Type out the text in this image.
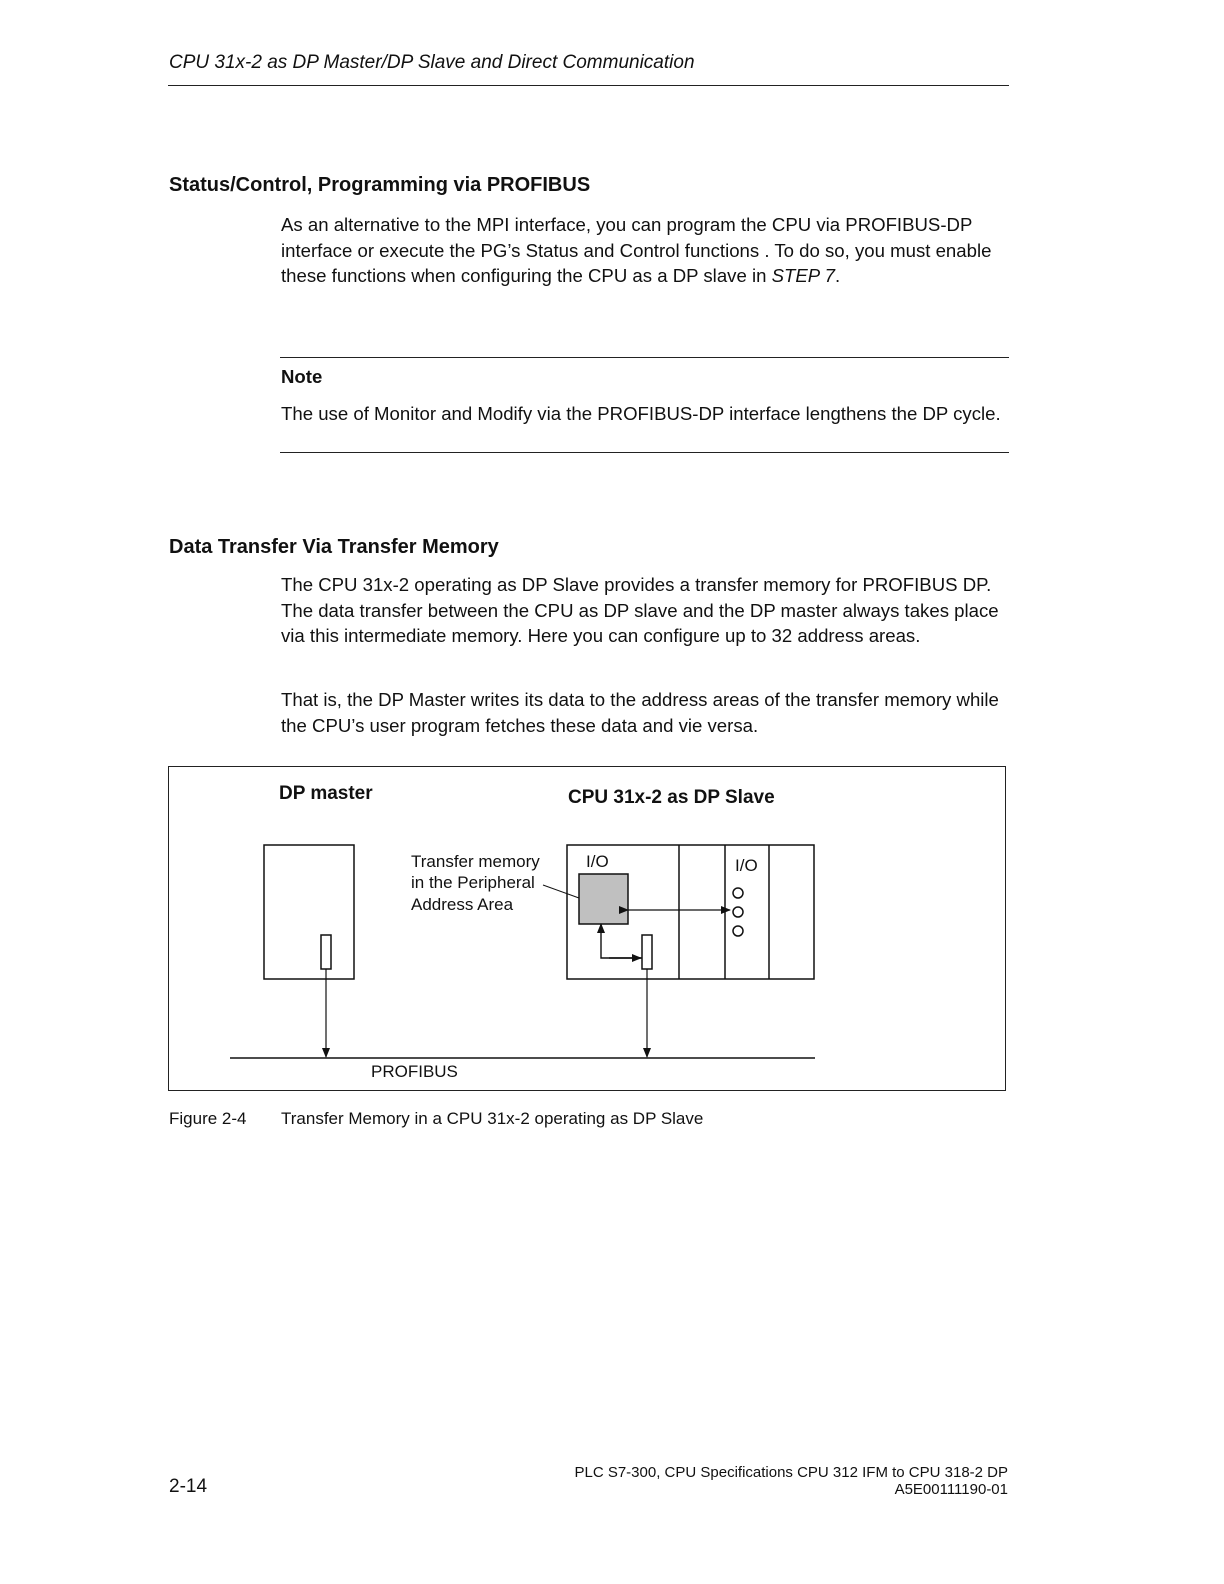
CPU 31x-2 as DP Master/DP Slave and Direct Communication
Status/Control, Programming via PROFIBUS

As an alternative to the MPI interface, you can program the CPU via PROFIBUS-DP interface or execute the PG’s Status and Control functions . To do so, you must enable these functions when configuring the CPU as a DP slave in STEP 7.

Note

The use of Monitor and Modify via the PROFIBUS-DP interface lengthens the DP cycle.

Data Transfer Via Transfer Memory

The CPU 31x-2 operating as DP Slave provides a transfer memory for PROFIBUS DP. The data transfer between the CPU as DP slave and the DP master always takes place via this intermediate memory. Here you can configure up to 32 address areas.

That is, the DP Master writes its data to the address areas of the transfer memory while the CPU’s user program fetches these data and vie versa.

DP master	CPU 31x-2 as DP Slave
I/O	I/O
Transfer memory in the Peripheral Address Area
PROFIBUS
Figure 2-4 Transfer Memory in a CPU 31x-2 operating as DP Slave
2-14
PLC S7-300, CPU Specifications CPU 312 IFM to CPU 318-2 DP
A5E00111190-01
